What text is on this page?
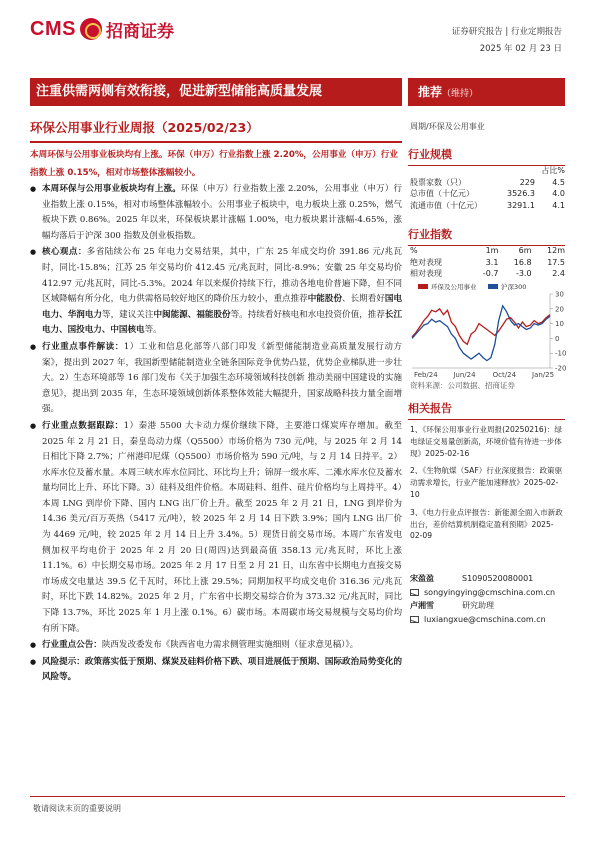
CMS 招商证券	证券研究报告 | 行业定期报告
2025 年 02 月 23 日
注重供需两侧有效衔接，促进新型储能高质量发展	推荐（维持）
环保公用事业行业周报（2025/02/23）
本周环保与公用事业板块均有上涨。环保（申万）行业指数上涨 2.20%，公用事业（申万）行业指数上涨 0.15%，相对市场整体涨幅较小。
● 本周环保与公用事业板块均有上涨。环保（申万）行业指数上涨 2.20%，公用事业（申万）行业指数上涨 0.15%，相对市场整体涨幅较小。公用事业子板块中，电力板块上涨 0.25%，燃气板块下跌 0.86%。2025 年以来，环保板块累计涨幅 1.00%，电力板块累计涨幅-4.65%，涨幅均落后于沪深 300 指数及创业板指数。
● 核心观点：多省陆续公布 25 年电力交易结果，其中，广东 25 年成交均价 391.86 元/兆瓦时，同比-15.8%；江苏 25 年交易均价 412.45 元/兆瓦时，同比-8.9%；安徽 25 年交易均价 412.97 元/兆瓦时，同比-5.3%。2024 年以来煤价持续下行，推动各地电价普遍下降，但不同区域降幅有所分化，电力供需格局较好地区的降价压力较小，重点推荐中能股份、长期看好国电电力、华润电力等，建议关注中闽能源、福能股份等。持续看好核电和水电投资价值，推荐长江电力、国投电力、中国核电等。
● 行业重点事件解读：1）工业和信息化部等八部门印发《新型储能制造业高质量发展行动方案》，提出到 2027 年，我国新型储能制造业全链条国际竞争优势凸显，优势企业梯队进一步壮大。2）生态环境部等 16 部门发布《关于加强生态环境领域科技创新 推动美丽中国建设的实施意见》，提出到 2035 年，生态环境领域创新体系整体效能大幅提升，国家战略科技力量全面增强。
● 行业重点数据跟踪：1）秦港 5500 大卡动力煤价继续下降，主要港口煤炭库存增加。截至 2025 年 2 月 21 日，秦皇岛动力煤（Q5500）市场价格为 730 元/吨，与 2025 年 2 月 14 日相比下降 2.7%；广州港印尼煤（Q5500）市场价格为 590 元/吨，与 2 月 14 日持平。2）水库水位及蓄水量。本周三峡水库水位同比、环比均上升；锦屏一级水库、二滩水库水位及蓄水量均同比上升、环比下降。3）硅料及组件价格。本周硅料、组件、硅片价格均与上周持平。4）本周 LNG 到岸价下降、国内 LNG 出厂价上升。截至 2025 年 2 月 21 日，LNG 到岸价为 14.36 美元/百万英热（5417 元/吨），较 2025 年 2 月 14 日下跌 3.9%；国内 LNG 出厂价为 4469 元/吨，较 2025 年 2 月 14 日上升 3.4%。5）现货日前交易市场。本周广东省发电侧加权平均电价于 2025 年 2 月 20 日(周四)达到最高值 358.13 元/兆瓦时，环比上涨 11.1%。6）中长期交易市场。2025 年 2 月 17 日至 2 月 21 日，山东省中长期电力直接交易市场成交电量达 39.5 亿千瓦时，环比上涨 29.5%；同期加权平均成交电价 316.36 元/兆瓦时，环比下跌 14.82%。2025 年 2 月，广东省中长期交易综合价为 373.32 元/兆瓦时，同比下降 13.7%，环比 2025 年 1 月上涨 0.1%。6）碳市场。本周碳市场交易规模与交易均价均有所下降。
● 行业重点公告：陕西发改委发布《陕西省电力需求侧管理实施细则（征求意见稿）》。
● 风险提示：政策落实低于预期、煤炭及硅料价格下跌、项目进展低于预期、国际政治局势变化的风险等。
周期/环保及公用事业
行业规模
		占比%
股票家数（只）	229	4.5
总市值（十亿元）	3526.3	4.0
流通市值（十亿元）	3291.1	4.1
行业指数
%	1m	6m	12m
绝对表现	3.1	16.8	17.5
相对表现	-0.7	-3.0	2.4
30
20
10
0
-10
-20
Feb/24 Jun/24 Oct/24 Jan/25
环保及公用事业	沪深300
资料来源：公司数据、招商证券
相关报告
1、《环保公用事业行业周报(20250216)：绿电绿证交易量创新高，环境价值有待进一步体现》2025-02-16
2、《生物航煤（SAF）行业深度报告：政策驱动需求增长，行业产能加速释放》2025-02-10
3、《电力行业点评报告：新能源全面入市新政出台，差价结算机制稳定盈利预期》2025-02-09
宋盈盈	S1090520080001
songyingying@cmschina.com.cn
卢湘雪	研究助理
luxiangxue@cmschina.com.cn
敬请阅读末页的重要说明
